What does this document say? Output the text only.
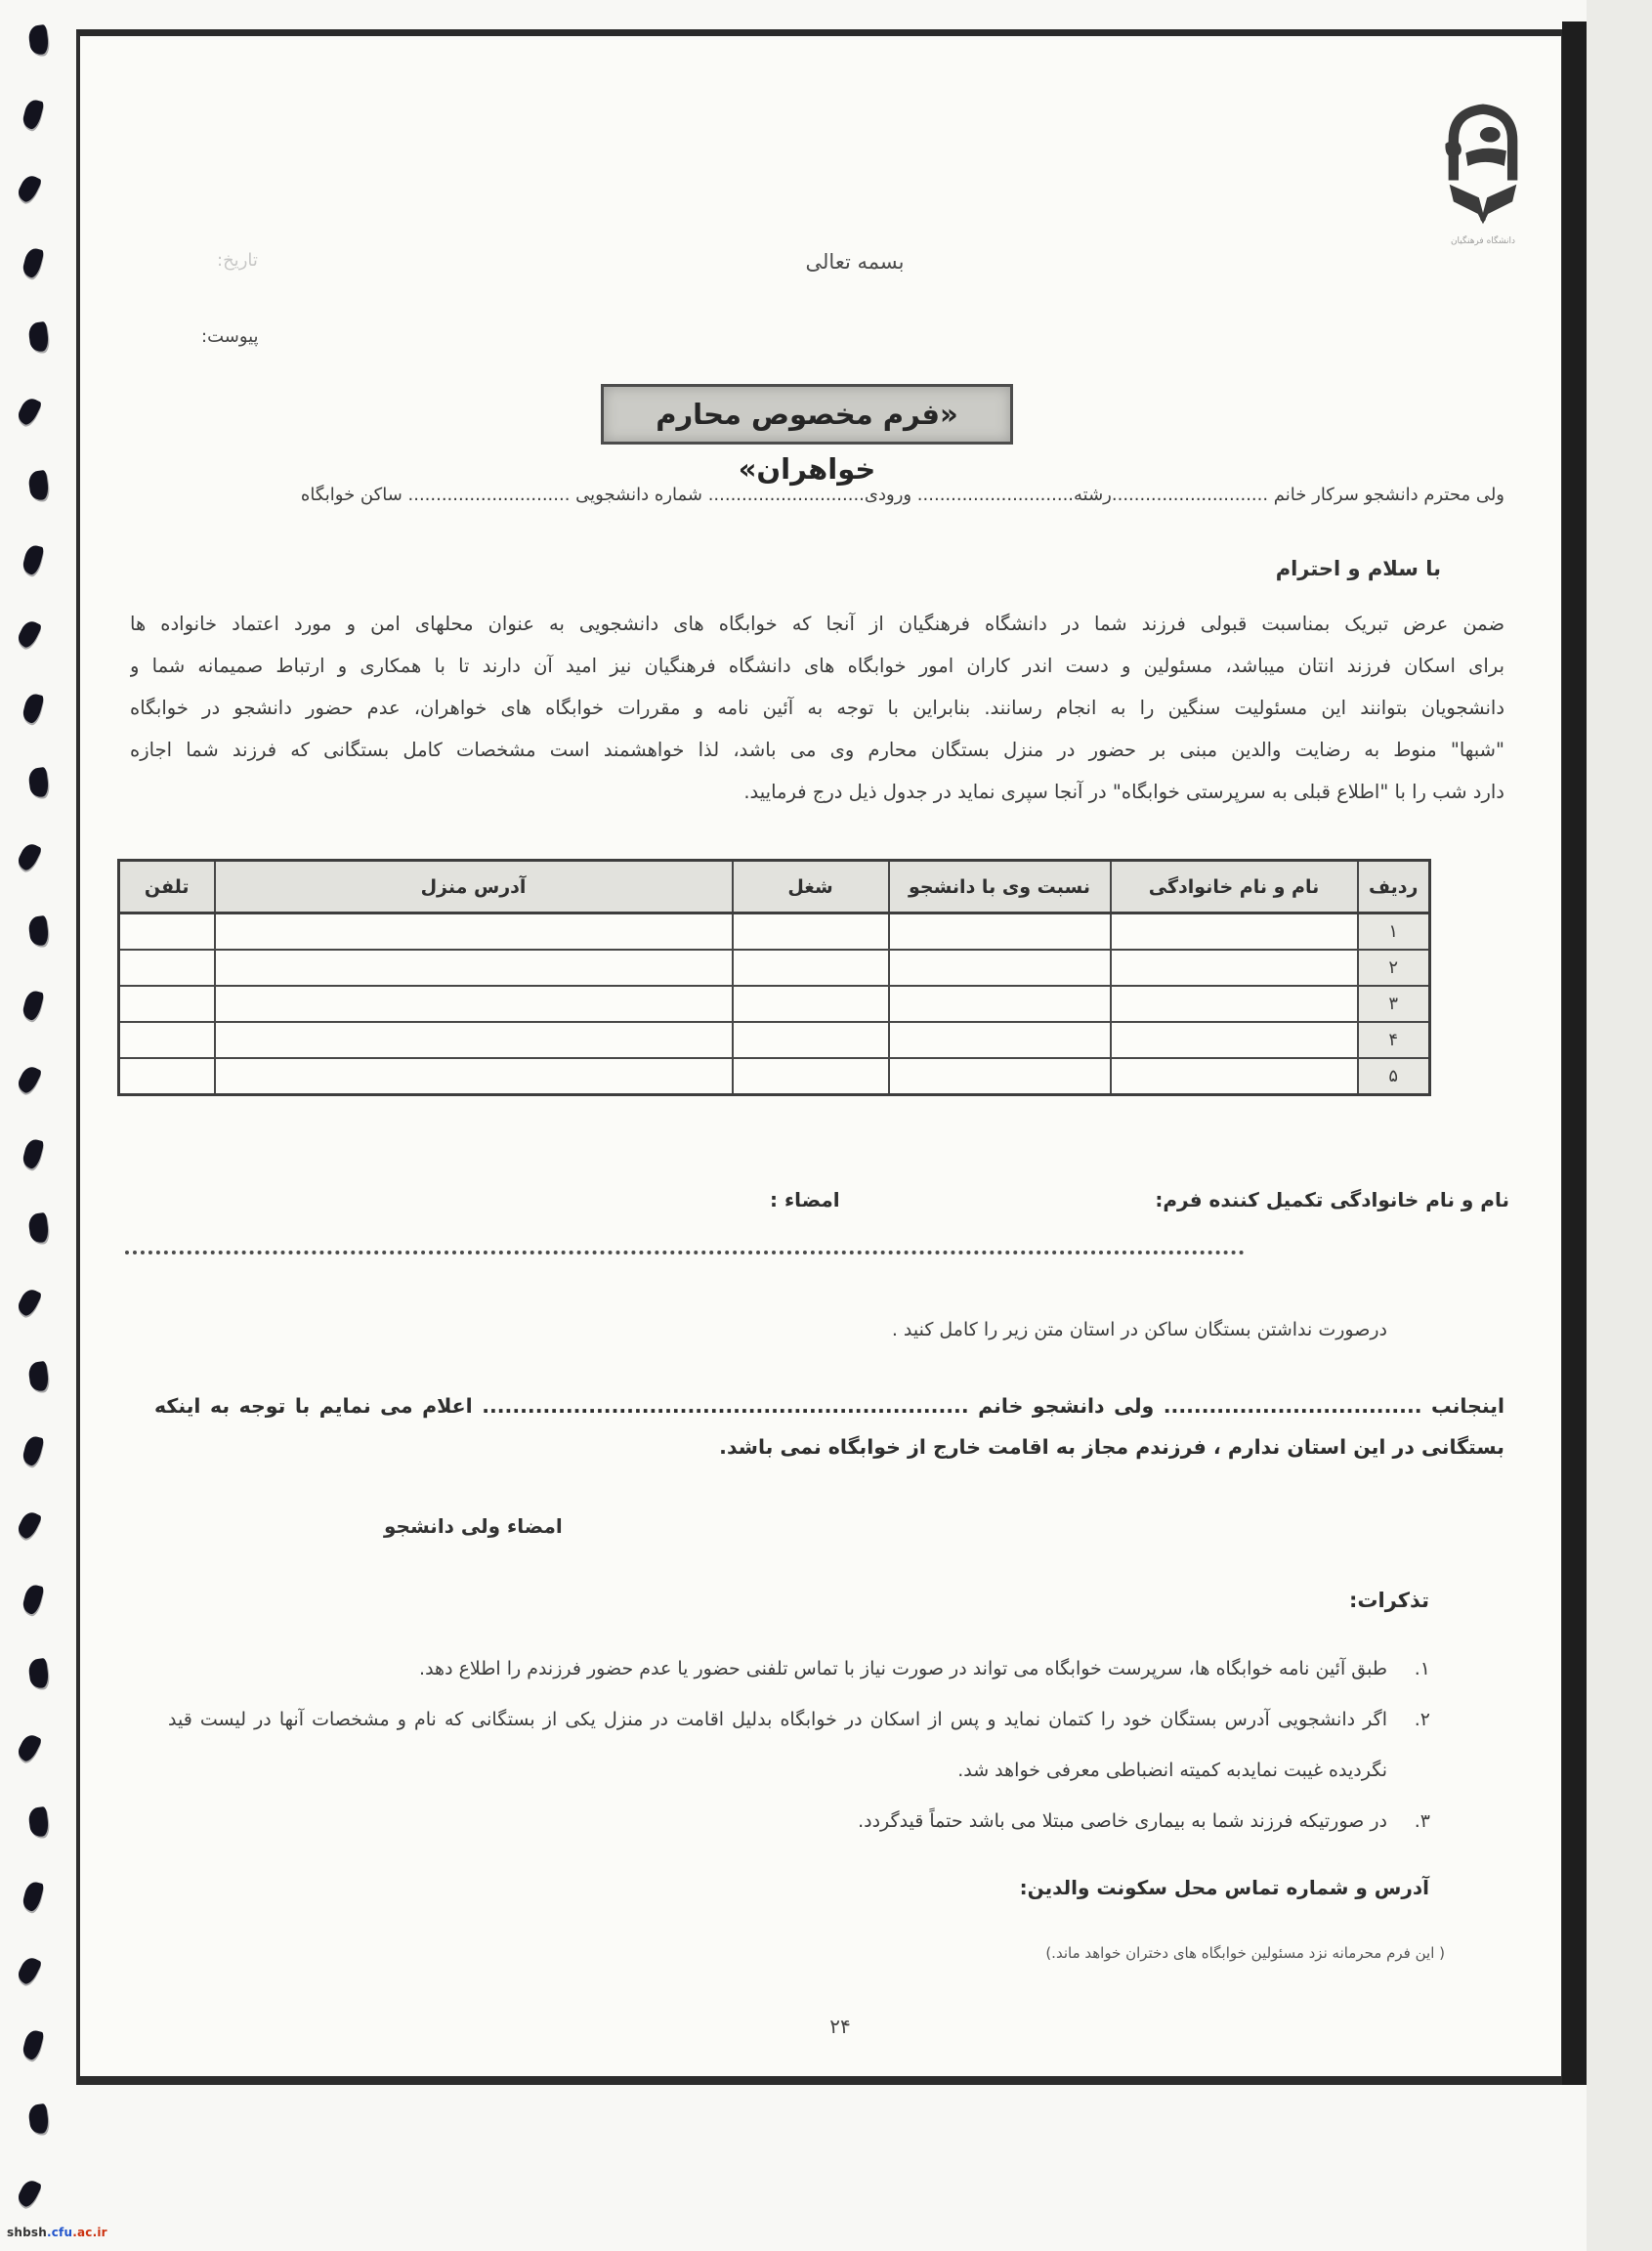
دانشگاه فرهنگیان
بسمه تعالی
تاریخ:
پیوست:
«فرم مخصوص محارم خواهران»
ولی محترم دانشجو سرکار خانم ............................رشته............................ ورودی............................ شماره دانشجویی ............................. ساکن خوابگاه
با سلام و احترام
ضمن عرض تبریک بمناسبت قبولی فرزند شما در دانشگاه فرهنگیان از آنجا که خوابگاه های دانشجویی به عنوان محلهای امن و مورد اعتماد خانواده ها
برای اسکان فرزند انتان میباشد، مسئولین و دست اندر کاران امور خوابگاه های دانشگاه فرهنگیان نیز امید آن دارند تا با همکاری و ارتباط صمیمانه شما و
دانشجویان بتوانند این مسئولیت سنگین را به انجام رسانند. بنابراین با توجه به آئین نامه و مقررات خوابگاه های خواهران، عدم حضور دانشجو در خوابگاه
"شبها" منوط به رضایت والدین مبنی بر حضور در منزل بستگان محارم وی می باشد، لذا خواهشمند است مشخصات کامل بستگانی که فرزند شما اجازه
دارد شب را با "اطلاع قبلی به سرپرستی خوابگاه" در آنجا سپری نماید در جدول ذیل درج فرمایید.
ردیف	نام و نام خانوادگی	نسبت وی با دانشجو	شغل	آدرس منزل	تلفن
۱					
۲					
۳					
۴					
۵					
نام و نام خانوادگی تکمیل کننده فرم:
امضاء :
درصورت نداشتن بستگان ساکن در استان متن زیر را کامل کنید .
اینجانب .................................. ولی دانشجو خانم ................................................................ اعلام می نمایم با توجه به اینکه
بستگانی در این استان ندارم ، فرزندم مجاز به اقامت خارج از خوابگاه نمی باشد.
امضاء ولی دانشجو
تذکرات:
۱.
طبق آئین نامه خوابگاه ها، سرپرست خوابگاه می تواند در صورت نیاز با تماس تلفنی حضور یا عدم حضور فرزندم را اطلاع دهد.
۲.
اگر دانشجویی آدرس بستگان خود را کتمان نماید و پس از اسکان در خوابگاه بدلیل اقامت در منزل یکی از بستگانی که نام و مشخصات آنها در لیست قید نگردیده غیبت نمایدبه کمیته انضباطی معرفی خواهد شد.
۳.
در صورتیکه فرزند شما به بیماری خاصی مبتلا می باشد حتماً قیدگردد.
آدرس و شماره تماس محل سکونت والدین:
( این فرم محرمانه نزد مسئولین خوابگاه های دختران خواهد ماند.)
۲۴
shbsh.cfu.ac.ir
